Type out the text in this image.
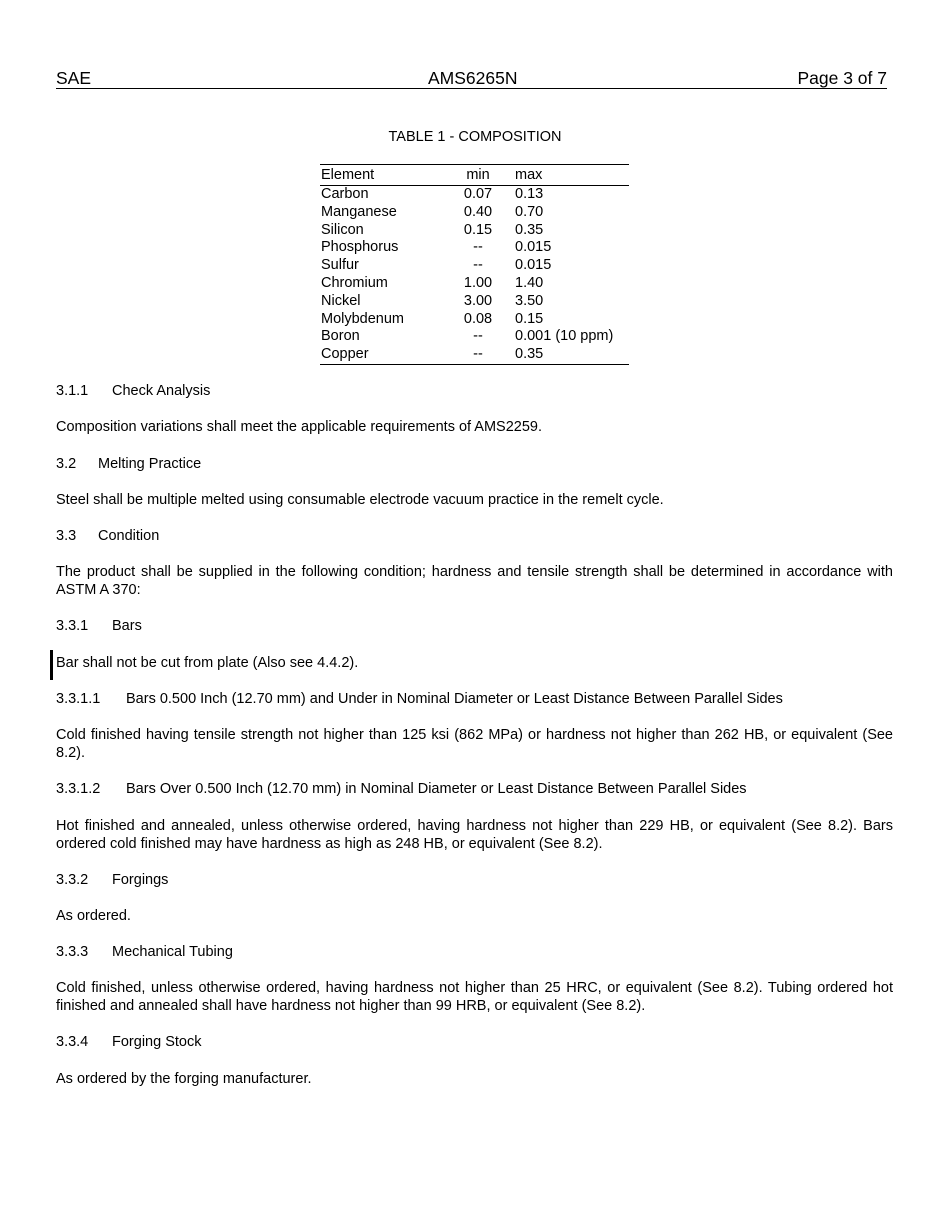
SAE	AMS6265N	Page 3 of 7
TABLE 1 - COMPOSITION
Element	min	max
Carbon	0.07	0.13
Manganese	0.40	0.70
Silicon	0.15	0.35
Phosphorus	--	0.015
Sulfur	--	0.015
Chromium	1.00	1.40
Nickel	3.00	3.50
Molybdenum	0.08	0.15
Boron	--	0.001 (10 ppm)
Copper	--	0.35
3.1.1 Check Analysis
Composition variations shall meet the applicable requirements of AMS2259.
3.2 Melting Practice
Steel shall be multiple melted using consumable electrode vacuum practice in the remelt cycle.
3.3 Condition
The product shall be supplied in the following condition; hardness and tensile strength shall be determined in accordance with ASTM A 370:
3.3.1 Bars
Bar shall not be cut from plate (Also see 4.4.2).
3.3.1.1 Bars 0.500 Inch (12.70 mm) and Under in Nominal Diameter or Least Distance Between Parallel Sides
Cold finished having tensile strength not higher than 125 ksi (862 MPa) or hardness not higher than 262 HB, or equivalent (See 8.2).
3.3.1.2 Bars Over 0.500 Inch (12.70 mm) in Nominal Diameter or Least Distance Between Parallel Sides
Hot finished and annealed, unless otherwise ordered, having hardness not higher than 229 HB, or equivalent (See 8.2). Bars ordered cold finished may have hardness as high as 248 HB, or equivalent (See 8.2).
3.3.2 Forgings
As ordered.
3.3.3 Mechanical Tubing
Cold finished, unless otherwise ordered, having hardness not higher than 25 HRC, or equivalent (See 8.2). Tubing ordered hot finished and annealed shall have hardness not higher than 99 HRB, or equivalent (See 8.2).
3.3.4 Forging Stock
As ordered by the forging manufacturer.
